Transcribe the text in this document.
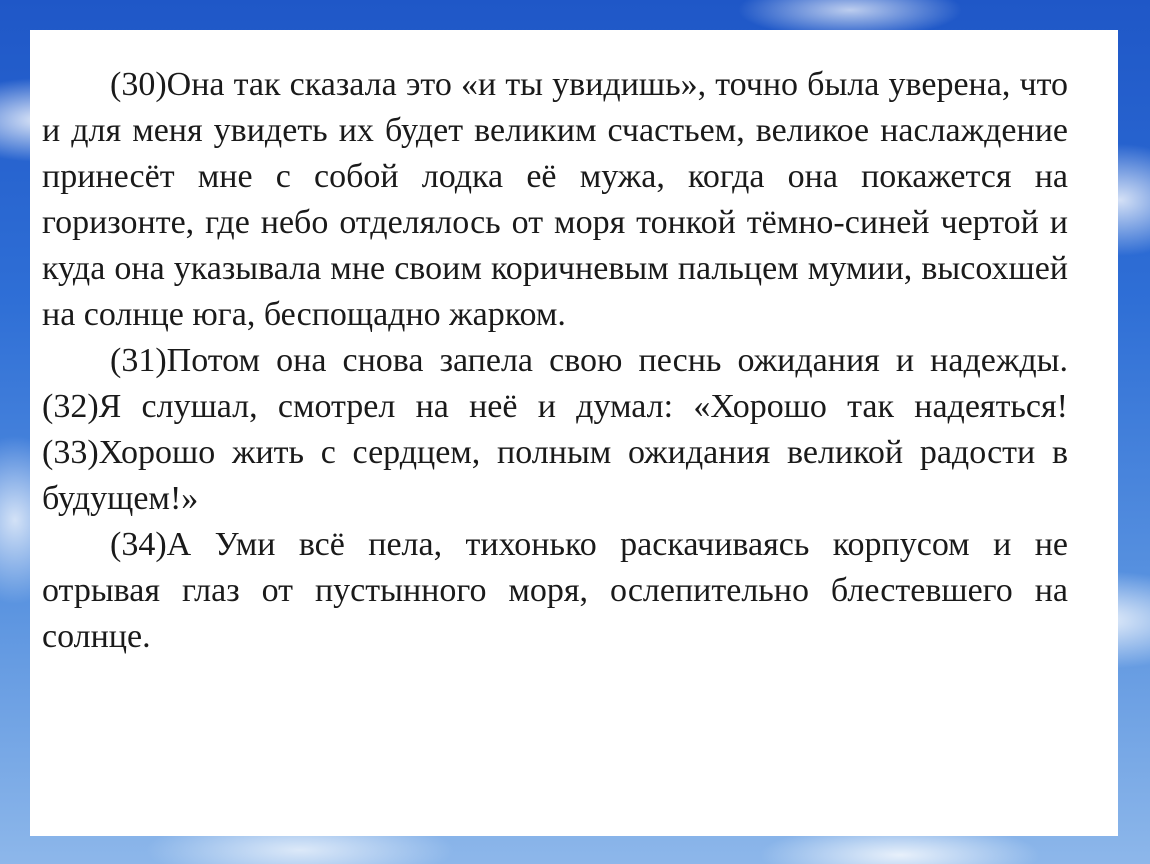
(30)Она так сказала это «и ты увидишь», точно была уверена, что и для меня увидеть их будет великим счастьем, великое наслаждение принесёт мне с собой лодка её мужа, когда она покажется на горизонте, где небо отделялось от моря тонкой тёмно-синей чертой и куда она указывала мне своим коричневым пальцем мумии, высохшей на солнце юга, беспощадно жарком.

(31)Потом она снова запела свою песнь ожидания и надежды. (32)Я слушал, смотрел на неё и думал: «Хорошо так надеяться! (33)Хорошо жить с сердцем, полным ожидания великой радости в будущем!»

(34)А Уми всё пела, тихонько раскачиваясь корпусом и не отрывая глаз от пустынного моря, ослепительно блестевшего на солнце.
